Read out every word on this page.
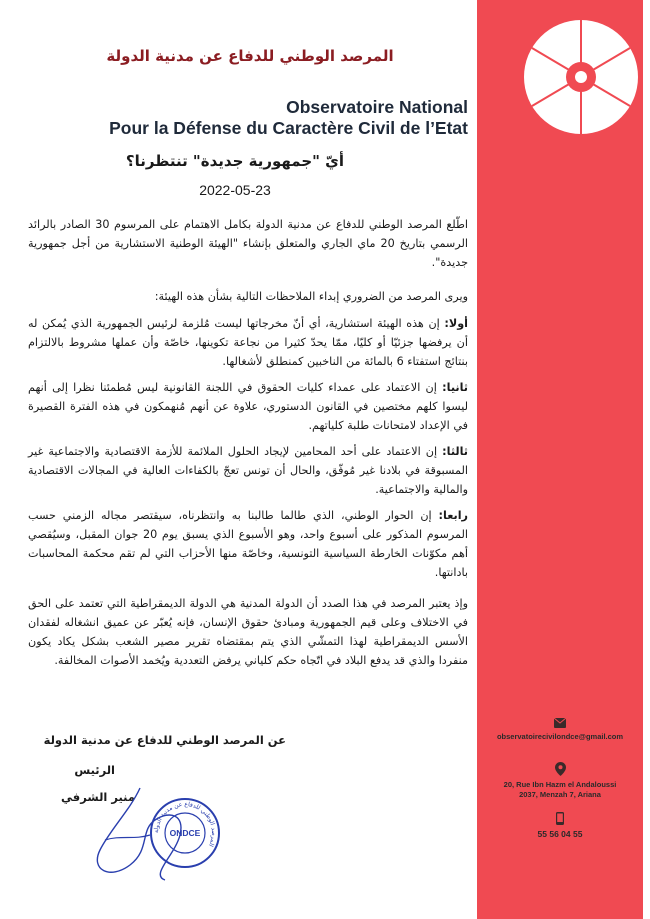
observatoirecivilondce@gmail.com
20, Rue Ibn Hazm el Andaloussi
2037, Menzah 7, Ariana
55 56 04 55
المرصد الوطني للدفاع عن مدنية الدولة
Observatoire National
Pour la Défense du Caractère Civil de l’Etat
أيّ "جمهورية جديدة" تنتظرنا؟
2022-05-23
اطّلع المرصد الوطني للدفاع عن مدنية الدولة بكامل الاهتمام على المرسوم 30 الصادر بالرائد الرسمي بتاريخ 20 ماي الجاري والمتعلق بإنشاء "الهيئة الوطنية الاستشارية من أجل جمهورية جديدة".
ويرى المرصد من الضروري إبداء الملاحظات التالية بشأن هذه الهيئة:
أولا: إن هذه الهيئة استشارية، أي أنّ مخرجاتها ليست مُلزمة لرئيس الجمهورية الذي يُمكن له أن يرفضها جزئيّا أو كليّا، ممّا يحدّ كثيرا من نجاعة تكوينها، خاصّة وأن عملها مشروط بالالتزام بنتائج استفتاء 6 بالمائة من الناخبين كمنطلق لأشغالها.
ثانيا: إن الاعتماد على عمداء كليات الحقوق في اللجنة القانونية ليس مُطمئنا نظرا إلى أنهم ليسوا كلهم مختصين في القانون الدستوري، علاوة عن أنهم مُنهمكون في هذه الفترة القصيرة في الإعداد لامتحانات طلبة كلياتهم.
ثالثا: إن الاعتماد على أحد المحامين لإيجاد الحلول الملائمة للأزمة الاقتصادية والاجتماعية غير المسبوقة في بلادنا غير مُوفّق، والحال أن تونس تعجّ بالكفاءات العالية في المجالات الاقتصادية والمالية والاجتماعية.
رابعا: إن الحوار الوطني، الذي طالما طالبنا به وانتظرناه، سيقتصر مجاله الزمني حسب المرسوم المذكور على أسبوع واحد، وهو الأسبوع الذي يسبق يوم 20 جوان المقبل، وسيُقصي أهم مكوّنات الخارطة السياسية التونسية، وخاصّة منها الأحزاب التي لم تقم محكمة المحاسبات بادانتها.
وإذ يعتبر المرصد في هذا الصدد أن الدولة المدنية هي الدولة الديمقراطية التي تعتمد على الحق في الاختلاف وعلى قيم الجمهورية ومبادئ حقوق الإنسان، فإنه يُعبّر عن عميق انشغاله لفقدان الأسس الديمقراطية لهذا التمشّي الذي يتم بمقتضاه تقرير مصير الشعب بشكل يكاد يكون منفردا والذي قد يدفع البلاد في اتّجاه حكم كلياني يرفض التعددية ويُخمد الأصوات المخالفة.
عن المرصد الوطني للدفاع عن مدنية الدولة
الرئيس
منير الشرفي
المرصد الوطني للدفاع عن مدنية الدولة
ONDCE
